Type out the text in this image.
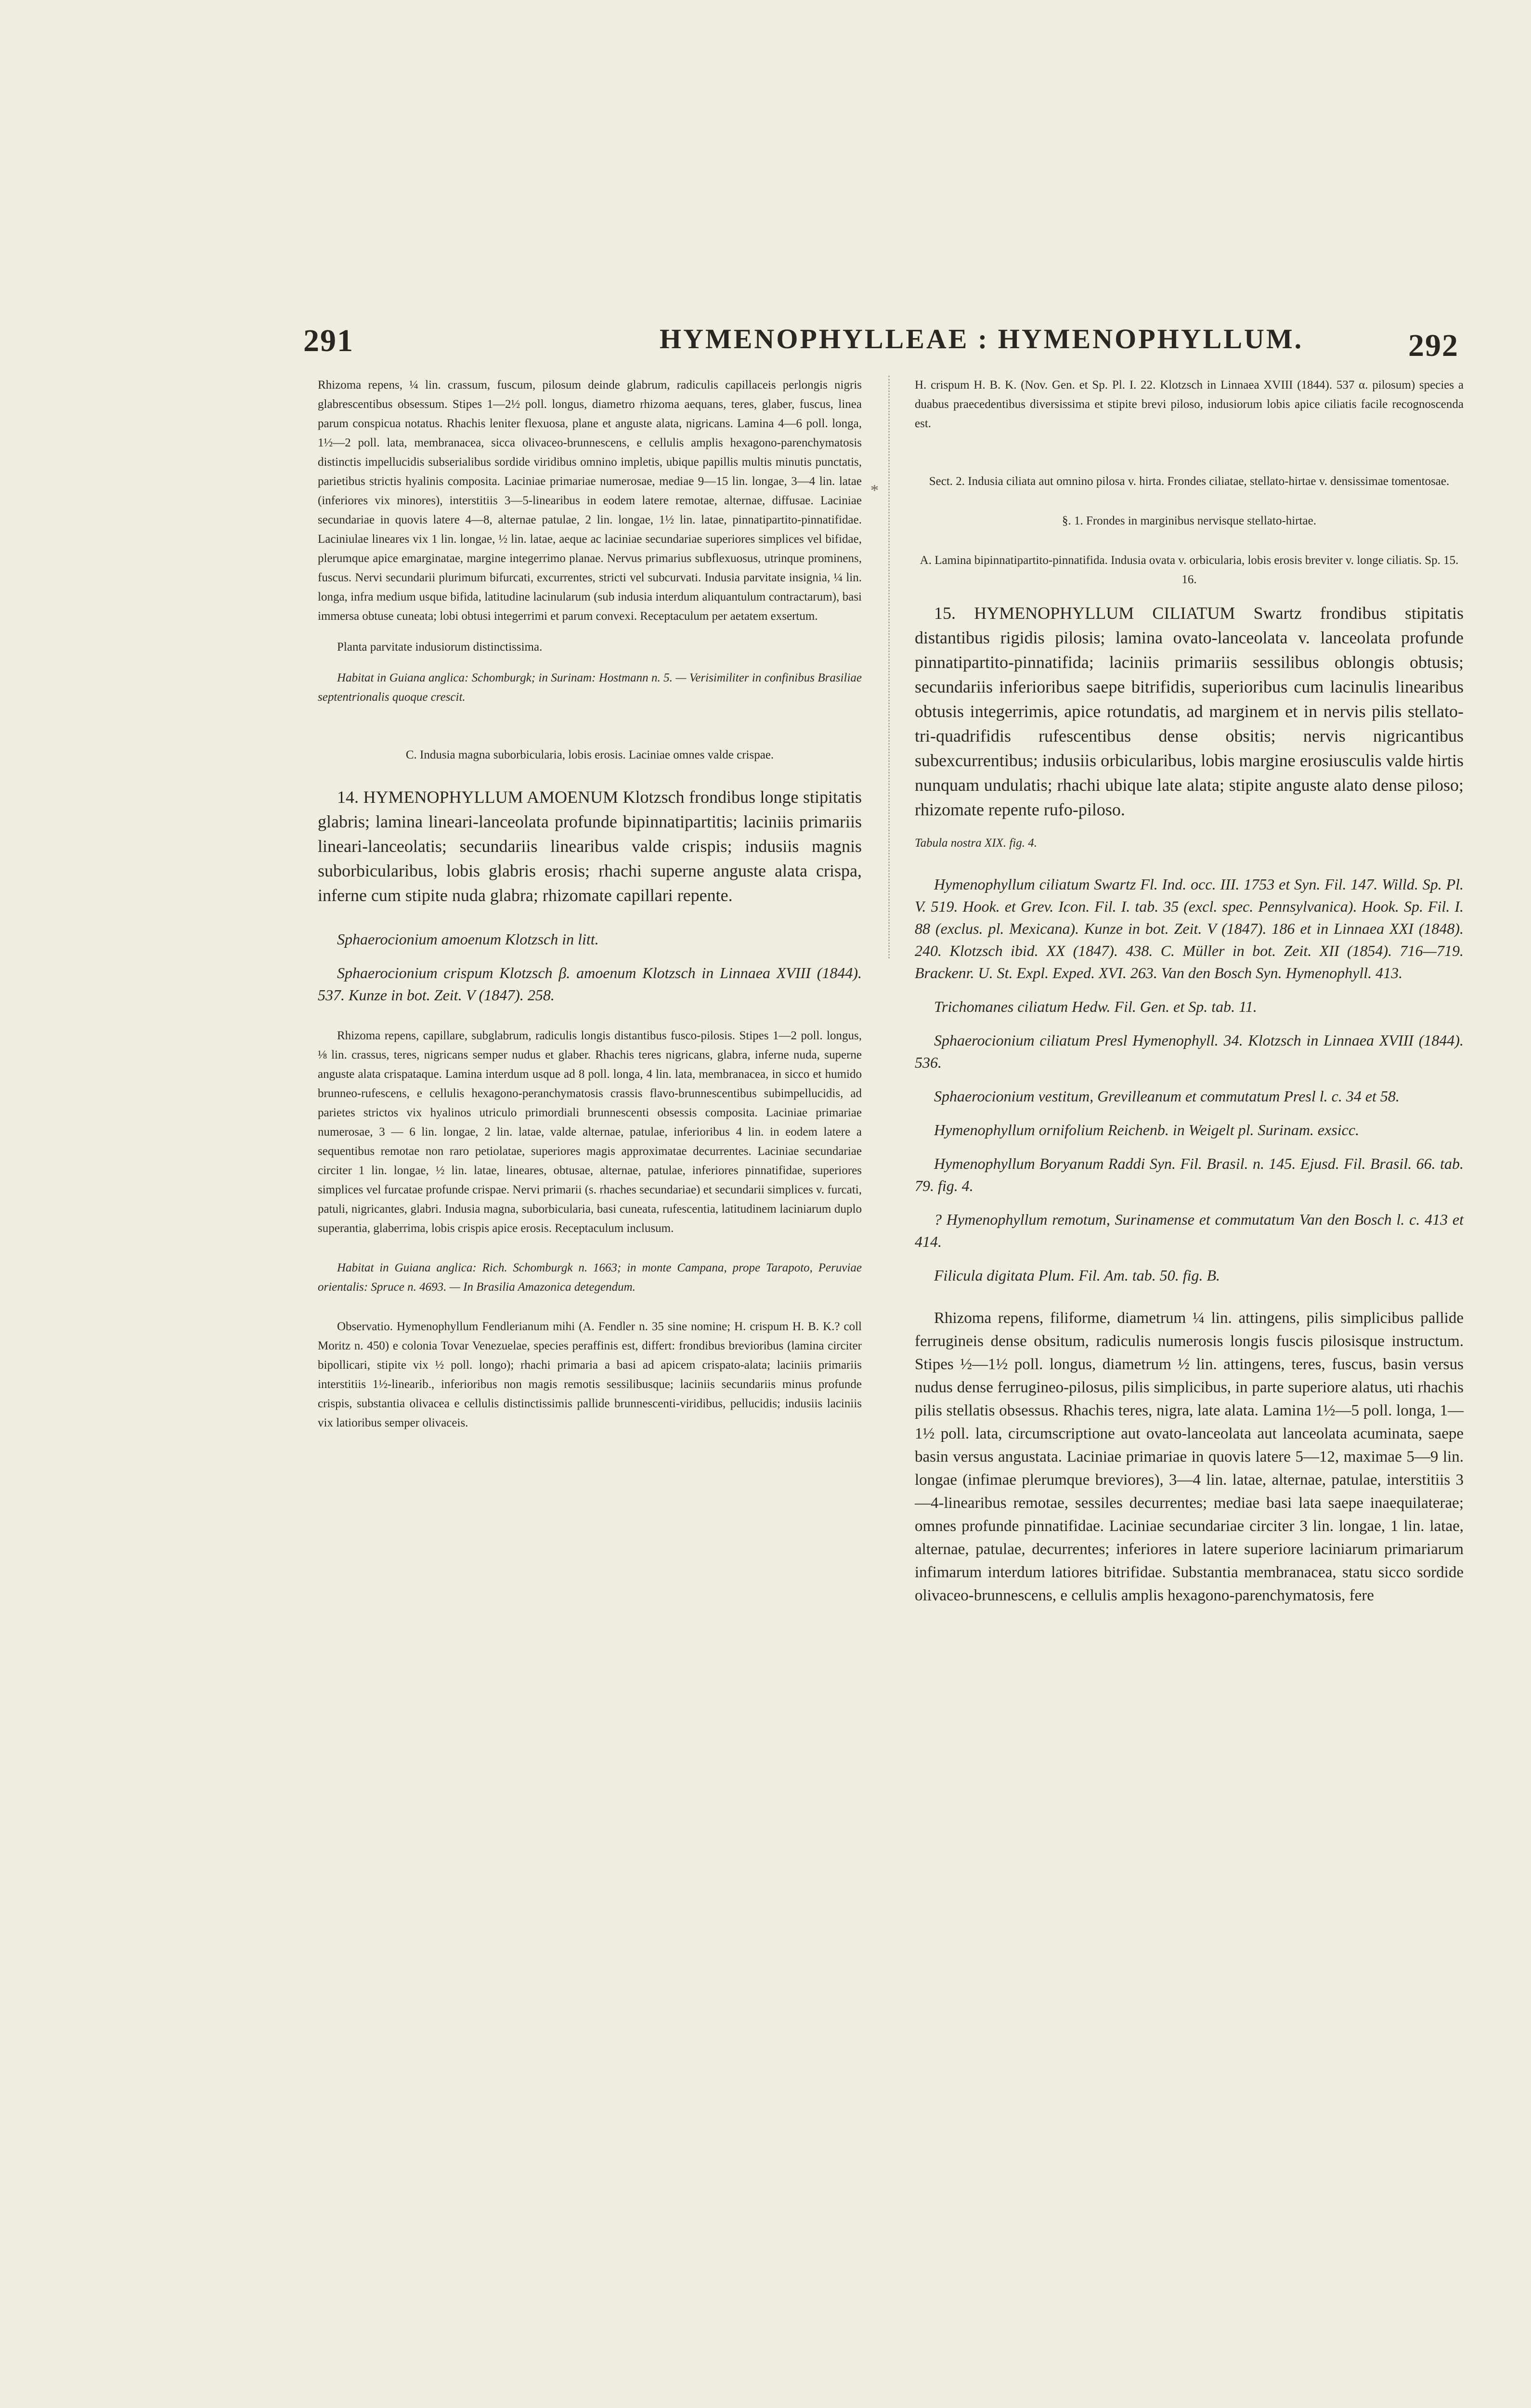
291	HYMENOPHYLLEAE : HYMENOPHYLLUM.	292
*

Rhizoma repens, ¼ lin. crassum, fuscum, pilosum deinde glabrum, radiculis capillaceis perlongis nigris glabrescentibus obsessum. Stipes 1—2½ poll. longus, diametro rhizoma aequans, teres, glaber, fuscus, linea parum conspicua notatus. Rhachis leniter flexuosa, plane et anguste alata, nigricans. Lamina 4—6 poll. longa, 1½—2 poll. lata, membranacea, sicca olivaceo-brunnescens, e cellulis amplis hexagono-parenchymatosis distinctis impellucidis subserialibus sordide viridibus omnino impletis, ubique papillis multis minutis punctatis, parietibus strictis hyalinis composita. Laciniae primariae numerosae, mediae 9—15 lin. longae, 3—4 lin. latae (inferiores vix minores), interstitiis 3—5-linearibus in eodem latere remotae, alternae, diffusae. Laciniae secundariae in quovis latere 4—8, alternae patulae, 2 lin. longae, 1½ lin. latae, pinnatipartito-pinnatifidae. Laciniulae lineares vix 1 lin. longae, ½ lin. latae, aeque ac laciniae secundariae superiores simplices vel bifidae, plerumque apice emarginatae, margine integerrimo planae. Nervus primarius subflexuosus, utrinque prominens, fuscus. Nervi secundarii plurimum bifurcati, excurrentes, stricti vel subcurvati. Indusia parvitate insignia, ¼ lin. longa, infra medium usque bifida, latitudine lacinularum (sub indusia interdum aliquantulum contractarum), basi immersa obtuse cuneata; lobi obtusi integerrimi et parum convexi. Receptaculum per aetatem exsertum.

Planta parvitate indusiorum distinctissima.

Habitat in Guiana anglica: Schomburgk; in Surinam: Hostmann n. 5. — Verisimiliter in confinibus Brasiliae septentrionalis quoque crescit.

C. Indusia magna suborbicularia, lobis erosis. Laciniae omnes valde crispae.

14. HYMENOPHYLLUM AMOENUM Klotzsch frondibus longe stipitatis glabris; lamina lineari-lanceolata profunde bipinnatipartitis; laciniis primariis lineari-lanceolatis; secundariis linearibus valde crispis; indusiis magnis suborbicularibus, lobis glabris erosis; rhachi superne anguste alata crispa, inferne cum stipite nuda glabra; rhizomate capillari repente.

Sphaerocionium amoenum Klotzsch in litt.

Sphaerocionium crispum Klotzsch β. amoenum Klotzsch in Linnaea XVIII (1844). 537. Kunze in bot. Zeit. V (1847). 258.

Rhizoma repens, capillare, subglabrum, radiculis longis distantibus fusco-pilosis. Stipes 1—2 poll. longus, ⅛ lin. crassus, teres, nigricans semper nudus et glaber. Rhachis teres nigricans, glabra, inferne nuda, superne anguste alata crispataque. Lamina interdum usque ad 8 poll. longa, 4 lin. lata, membranacea, in sicco et humido brunneo-rufescens, e cellulis hexagono-peranchymatosis crassis flavo-brunnescentibus subimpellucidis, ad parietes strictos vix hyalinos utriculo primordiali brunnescenti obsessis composita. Laciniae primariae numerosae, 3 — 6 lin. longae, 2 lin. latae, valde alternae, patulae, inferioribus 4 lin. in eodem latere a sequentibus remotae non raro petiolatae, superiores magis approximatae decurrentes. Laciniae secundariae circiter 1 lin. longae, ½ lin. latae, lineares, obtusae, alternae, patulae, inferiores pinnatifidae, superiores simplices vel furcatae profunde crispae. Nervi primarii (s. rhaches secundariae) et secundarii simplices v. furcati, patuli, nigricantes, glabri. Indusia magna, suborbicularia, basi cuneata, rufescentia, latitudinem laciniarum duplo superantia, glaberrima, lobis crispis apice erosis. Receptaculum inclusum.

Habitat in Guiana anglica: Rich. Schomburgk n. 1663; in monte Campana, prope Tarapoto, Peruviae orientalis: Spruce n. 4693. — In Brasilia Amazonica detegendum.

Observatio. Hymenophyllum Fendlerianum mihi (A. Fendler n. 35 sine nomine; H. crispum H. B. K.? coll Moritz n. 450) e colonia Tovar Venezuelae, species peraffinis est, differt: frondibus brevioribus (lamina circiter bipollicari, stipite vix ½ poll. longo); rhachi primaria a basi ad apicem crispato-alata; laciniis primariis interstitiis 1½-linearib., inferioribus non magis remotis sessilibusque; laciniis secundariis minus profunde crispis, substantia olivacea e cellulis distinctissimis pallide brunnescenti-viridibus, pellucidis; indusiis laciniis vix latioribus semper olivaceis.

H. crispum H. B. K. (Nov. Gen. et Sp. Pl. I. 22. Klotzsch in Linnaea XVIII (1844). 537 α. pilosum) species a duabus praecedentibus diversissima et stipite brevi piloso, indusiorum lobis apice ciliatis facile recognoscenda est.

Sect. 2. Indusia ciliata aut omnino pilosa v. hirta. Frondes ciliatae, stellato-hirtae v. densissimae tomentosae.

§. 1. Frondes in marginibus nervisque stellato-hirtae.

A. Lamina bipinnatipartito-pinnatifida. Indusia ovata v. orbicularia, lobis erosis breviter v. longe ciliatis. Sp. 15. 16.

15. HYMENOPHYLLUM CILIATUM Swartz frondibus stipitatis distantibus rigidis pilosis; lamina ovato-lanceolata v. lanceolata profunde pinnatipartito-pinnatifida; laciniis primariis sessilibus oblongis obtusis; secundariis inferioribus saepe bitrifidis, superioribus cum lacinulis linearibus obtusis integerrimis, apice rotundatis, ad marginem et in nervis pilis stellato-tri-quadrifidis rufescentibus dense obsitis; nervis nigricantibus subexcurrentibus; indusiis orbicularibus, lobis margine erosiusculis valde hirtis nunquam undulatis; rhachi ubique late alata; stipite anguste alato dense piloso; rhizomate repente rufo-piloso.

Tabula nostra XIX. fig. 4.

Hymenophyllum ciliatum Swartz Fl. Ind. occ. III. 1753 et Syn. Fil. 147. Willd. Sp. Pl. V. 519. Hook. et Grev. Icon. Fil. I. tab. 35 (excl. spec. Pennsylvanica). Hook. Sp. Fil. I. 88 (exclus. pl. Mexicana). Kunze in bot. Zeit. V (1847). 186 et in Linnaea XXI (1848). 240. Klotzsch ibid. XX (1847). 438. C. Müller in bot. Zeit. XII (1854). 716—719. Brackenr. U. St. Expl. Exped. XVI. 263. Van den Bosch Syn. Hymenophyll. 413.

Trichomanes ciliatum Hedw. Fil. Gen. et Sp. tab. 11.

Sphaerocionium ciliatum Presl Hymenophyll. 34. Klotzsch in Linnaea XVIII (1844). 536.

Sphaerocionium vestitum, Grevilleanum et commutatum Presl l. c. 34 et 58.

Hymenophyllum ornifolium Reichenb. in Weigelt pl. Surinam. exsicc.

Hymenophyllum Boryanum Raddi Syn. Fil. Brasil. n. 145. Ejusd. Fil. Brasil. 66. tab. 79. fig. 4.

? Hymenophyllum remotum, Surinamense et commutatum Van den Bosch l. c. 413 et 414.

Filicula digitata Plum. Fil. Am. tab. 50. fig. B.

Rhizoma repens, filiforme, diametrum ¼ lin. attingens, pilis simplicibus pallide ferrugineis dense obsitum, radiculis numerosis longis fuscis pilosisque instructum. Stipes ½—1½ poll. longus, diametrum ½ lin. attingens, teres, fuscus, basin versus nudus dense ferrugineo-pilosus, pilis simplicibus, in parte superiore alatus, uti rhachis pilis stellatis obsessus. Rhachis teres, nigra, late alata. Lamina 1½—5 poll. longa, 1—1½ poll. lata, circumscriptione aut ovato-lanceolata aut lanceolata acuminata, saepe basin versus angustata. Laciniae primariae in quovis latere 5—12, maximae 5—9 lin. longae (infimae plerumque breviores), 3—4 lin. latae, alternae, patulae, interstitiis 3—4-linearibus remotae, sessiles decurrentes; mediae basi lata saepe inaequilaterae; omnes profunde pinnatifidae. Laciniae secundariae circiter 3 lin. longae, 1 lin. latae, alternae, patulae, decurrentes; inferiores in latere superiore laciniarum primariarum infimarum interdum latiores bitrifidae. Substantia membranacea, statu sicco sordide olivaceo-brunnescens, e cellulis amplis hexagono-parenchymatosis, fere
